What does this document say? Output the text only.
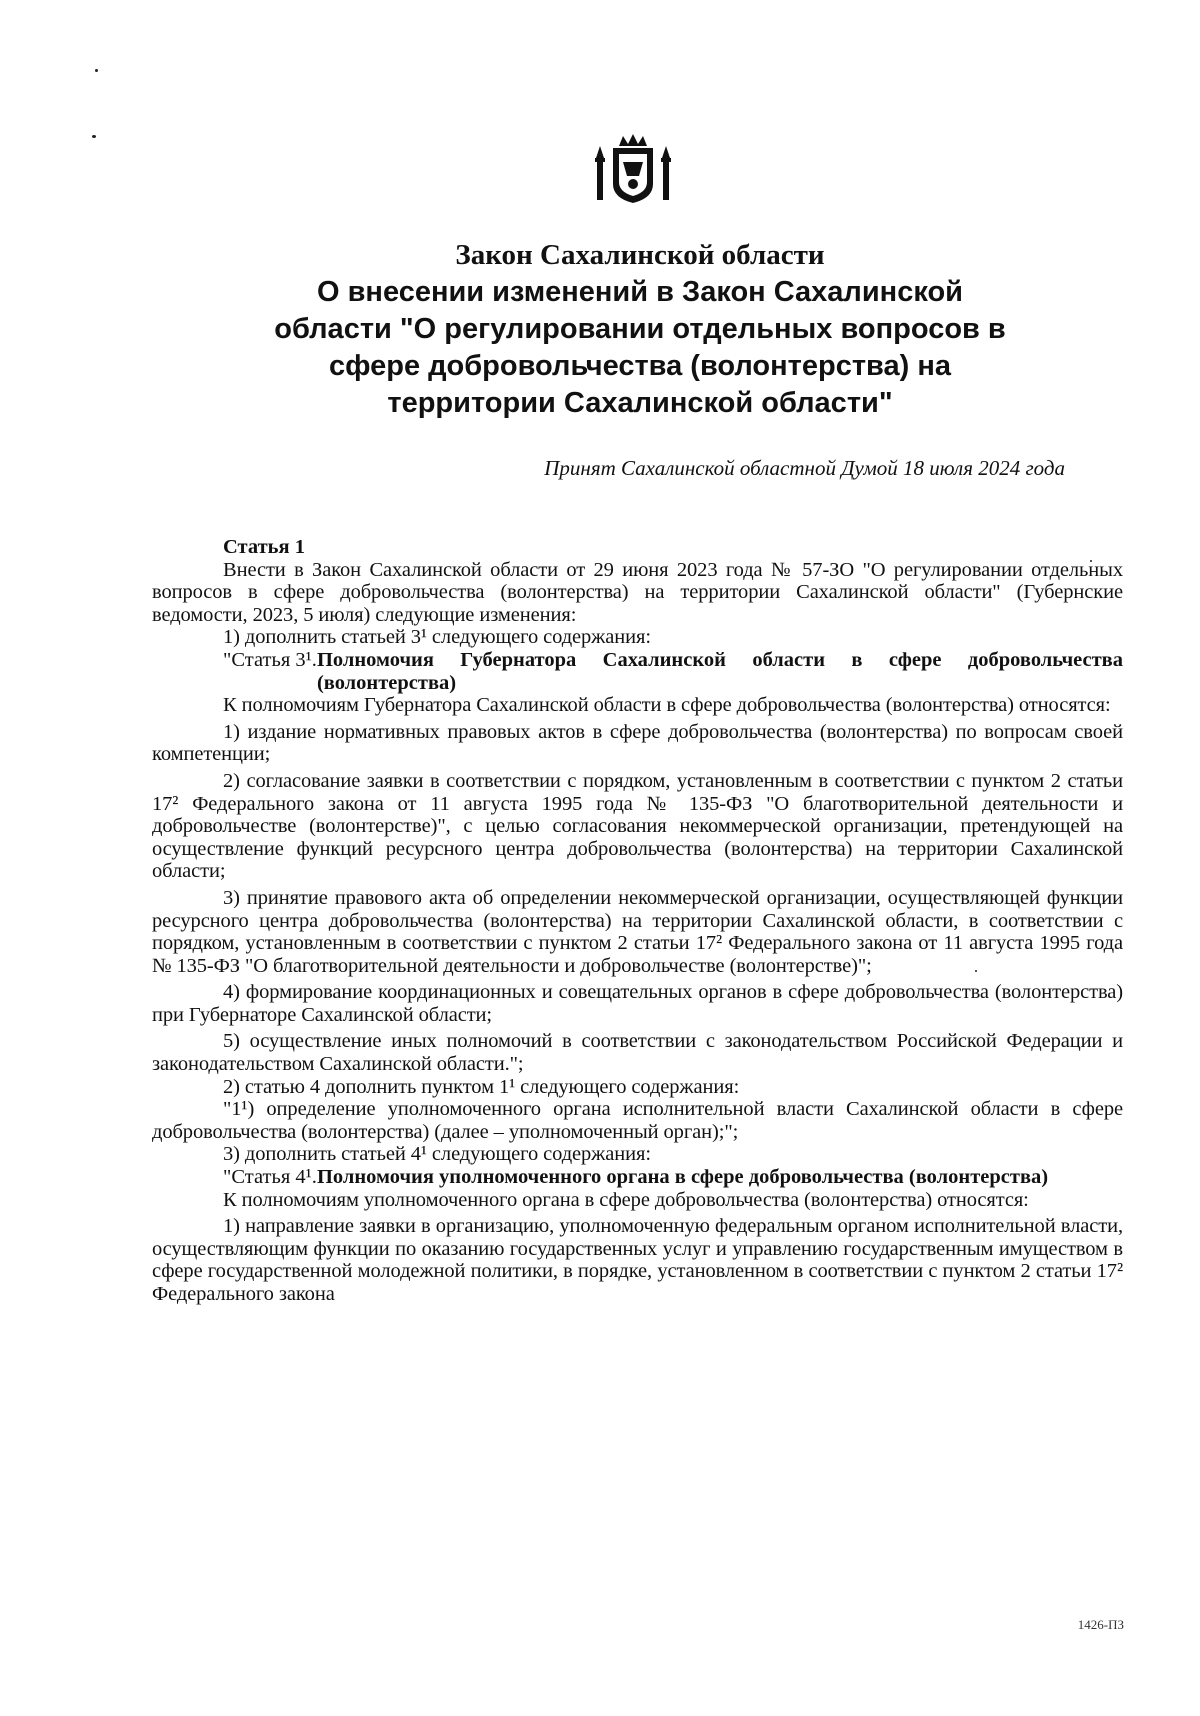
Закон Сахалинской области

О внесении изменений в Закон Сахалинской
области "О регулировании отдельных вопросов в
сфере добровольчества (волонтерства) на
территории Сахалинской области"

Принят Сахалинской областной Думой 18 июля 2024 года
Статья 1

Внести в Закон Сахалинской области от 29 июня 2023 года № 57-ЗО "О регулировании отдельных вопросов в сфере добровольчества (волонтерства) на территории Сахалинской области" (Губернские ведомости, 2023, 5 июля) следующие изменения:

1) дополнить статьей 3¹ следующего содержания:

"Статья 3¹. Полномочия Губернатора Сахалинской области в сфере добровольчества (волонтерства)

К полномочиям Губернатора Сахалинской области в сфере добровольчества (волонтерства) относятся:

1) издание нормативных правовых актов в сфере добровольчества (волонтерства) по вопросам своей компетенции;

2) согласование заявки в соответствии с порядком, установленным в соответствии с пунктом 2 статьи 17² Федерального закона от 11 августа 1995 года № 135-ФЗ "О благотворительной деятельности и добровольчестве (волонтерстве)", с целью согласования некоммерческой организации, претендующей на осуществление функций ресурсного центра добровольчества (волонтерства) на территории Сахалинской области;

3) принятие правового акта об определении некоммерческой организации, осуществляющей функции ресурсного центра добровольчества (волонтерства) на территории Сахалинской области, в соответствии с порядком, установленным в соответствии с пунктом 2 статьи 17² Федерального закона от 11 августа 1995 года № 135-ФЗ "О благотворительной деятельности и добровольчестве (волонтерстве)";

4) формирование координационных и совещательных органов в сфере добровольчества (волонтерства) при Губернаторе Сахалинской области;

5) осуществление иных полномочий в соответствии с законодательством Российской Федерации и законодательством Сахалинской области.";

2) статью 4 дополнить пунктом 1¹ следующего содержания:

"1¹) определение уполномоченного органа исполнительной власти Сахалинской области в сфере добровольчества (волонтерства) (далее – уполномоченный орган);";

3) дополнить статьей 4¹ следующего содержания:

"Статья 4¹. Полномочия уполномоченного органа в сфере добровольчества (волонтерства)

К полномочиям уполномоченного органа в сфере добровольчества (волонтерства) относятся:

1) направление заявки в организацию, уполномоченную федеральным органом исполнительной власти, осуществляющим функции по оказанию государственных услуг и управлению государственным имуществом в сфере государственной молодежной политики, в порядке, установленном в соответствии с пунктом 2 статьи 17² Федерального закона

1426-ПЗ
